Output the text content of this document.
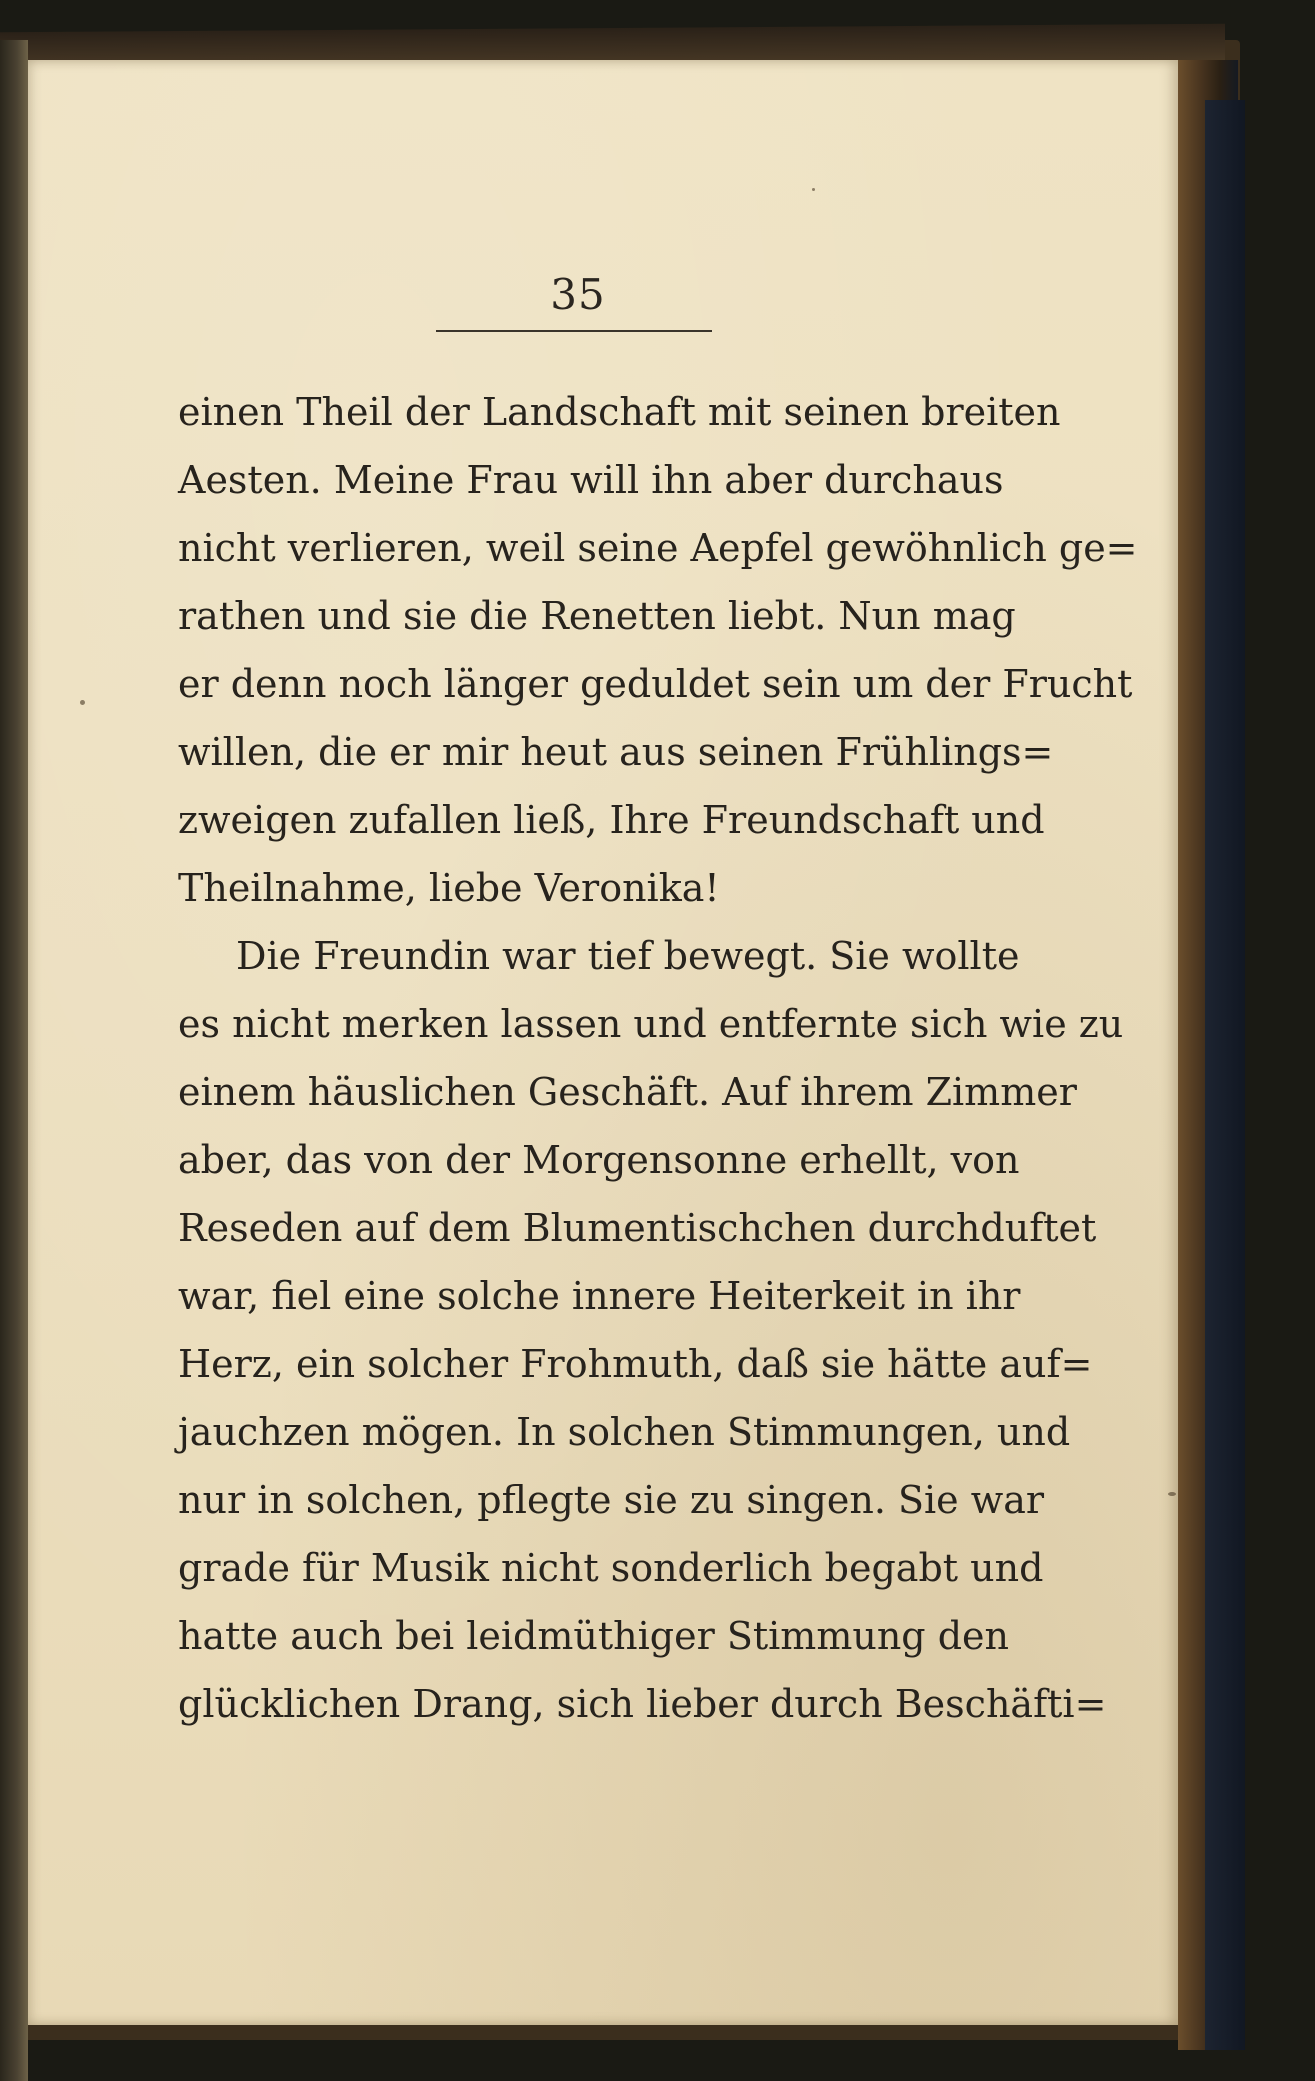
35
einen Theil der Landschaft mit seinen breiten
Aesten. Meine Frau will ihn aber durchaus
nicht verlieren, weil seine Aepfel gewöhnlich ge=
rathen und sie die Renetten liebt. Nun mag
er denn noch länger geduldet sein um der Frucht
willen, die er mir heut aus seinen Frühlings=
zweigen zufallen ließ, Ihre Freundschaft und
Theilnahme, liebe Veronika!
Die Freundin war tief bewegt. Sie wollte
es nicht merken lassen und entfernte sich wie zu
einem häuslichen Geschäft. Auf ihrem Zimmer
aber, das von der Morgensonne erhellt, von
Reseden auf dem Blumentischchen durchduftet
war, fiel eine solche innere Heiterkeit in ihr
Herz, ein solcher Frohmuth, daß sie hätte auf=
jauchzen mögen. In solchen Stimmungen, und
nur in solchen, pflegte sie zu singen. Sie war
grade für Musik nicht sonderlich begabt und
hatte auch bei leidmüthiger Stimmung den
glücklichen Drang, sich lieber durch Beschäfti=
